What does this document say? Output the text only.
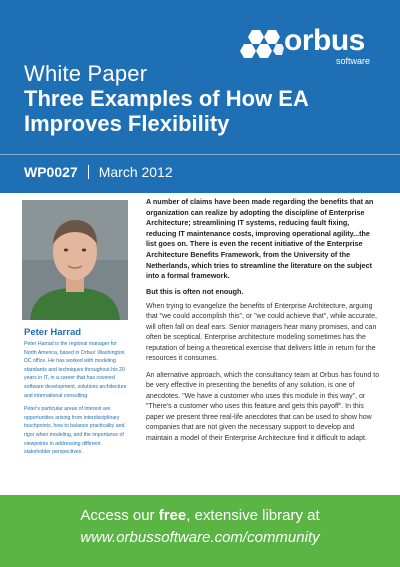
orbus
software
White Paper
Three Examples of How EA Improves Flexibility
WP0027 March 2012
Peter Harrad

Peter Harrad is the regional manager for North America, based in Orbus' Washington DC office. He has worked with modeling standards and techniques throughout his 20 years in IT, in a career that has covered software development, solutions architecture and international consulting.

Peter's particular areas of interest are opportunities arising from interdisciplinary touchpoints, how to balance practicality and rigor when modeling, and the importance of viewpoints in addressing different stakeholder perspectives.

A number of claims have been made regarding the benefits that an organization can realize by adopting the discipline of Enterprise Architecture; streamlining IT systems, reducing fault fixing, reducing IT maintenance costs, improving operational agility...the list goes on. There is even the recent initiative of the Enterprise Architecture Benefits Framework, from the University of the Netherlands, which tries to streamline the literature on the subject into a formal framework.

But this is often not enough.

When trying to evangelize the benefits of Enterprise Architecture, arguing that "we could accomplish this", or "we could achieve that", while accurate, will often fall on deaf ears. Senior managers hear many promises, and can often be sceptical. Enterprise architecture modeling sometimes has the reputation of being a theoretical exercise that delivers little in return for the resources it consumes.

An alternative approach, which the consultancy team at Orbus has found to be very effective in presenting the benefits of any solution, is one of anecdotes. "We have a customer who uses this module in this way", or "There's a customer who uses this feature and gets this payoff". In this paper we present three real-life anecdotes that can be used to show how companies that are not given the necessary support to develop and maintain a model of their Enterprise Architecture find it difficult to adapt.

Access our free, extensive library at
www.orbussoftware.com/community
